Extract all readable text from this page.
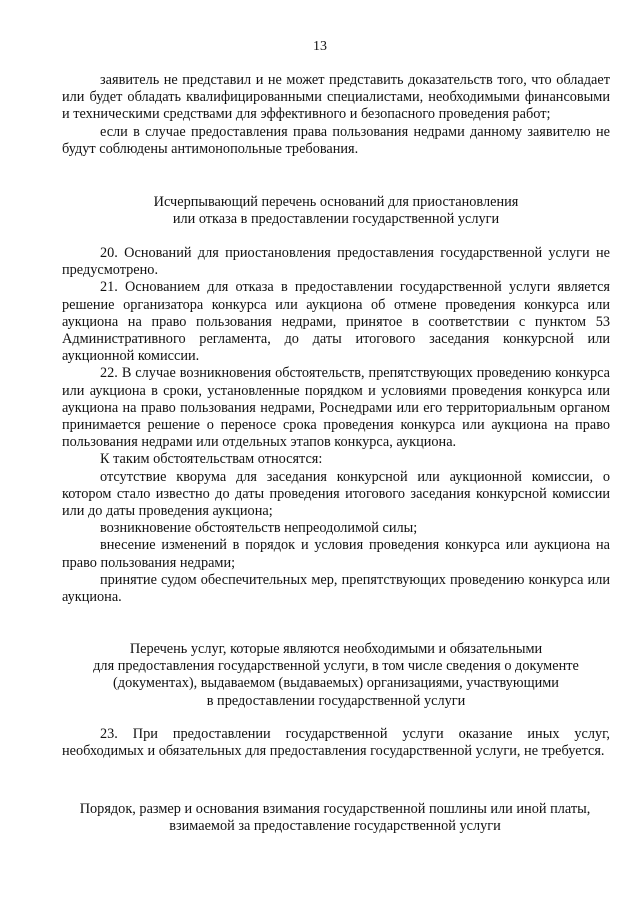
13

заявитель не представил и не может представить доказательств того, что обладает или будет обладать квалифицированными специалистами, необходимыми финансовыми и техническими средствами для эффективного и безопасного проведения работ;

если в случае предоставления права пользования недрами данному заявителю не будут соблюдены антимонопольные требования.

Исчерпывающий перечень оснований для приостановления

или отказа в предоставлении государственной услуги

20. Оснований для приостановления предоставления государственной услуги не предусмотрено.

21. Основанием для отказа в предоставлении государственной услуги является решение организатора конкурса или аукциона об отмене проведения конкурса или аукциона на право пользования недрами, принятое в соответствии с пунктом 53 Административного регламента, до даты итогового заседания конкурсной или аукционной комиссии.

22. В случае возникновения обстоятельств, препятствующих проведению конкурса или аукциона в сроки, установленные порядком и условиями проведения конкурса или аукциона на право пользования недрами, Роснедрами или его территориальным органом принимается решение о переносе срока проведения конкурса или аукциона на право пользования недрами или отдельных этапов конкурса, аукциона.

К таким обстоятельствам относятся:

отсутствие кворума для заседания конкурсной или аукционной комиссии, о котором стало известно до даты проведения итогового заседания конкурсной комиссии или до даты проведения аукциона;

возникновение обстоятельств непреодолимой силы;

внесение изменений в порядок и условия проведения конкурса или аукциона на право пользования недрами;

принятие судом обеспечительных мер, препятствующих проведению конкурса или аукциона.

Перечень услуг, которые являются необходимыми и обязательными

для предоставления государственной услуги, в том числе сведения о документе

(документах), выдаваемом (выдаваемых) организациями, участвующими

в предоставлении государственной услуги

23. При предоставлении государственной услуги оказание иных услуг, необходимых и обязательных для предоставления государственной услуги, не требуется.

Порядок, размер и основания взимания государственной пошлины или иной платы,

взимаемой за предоставление государственной услуги
